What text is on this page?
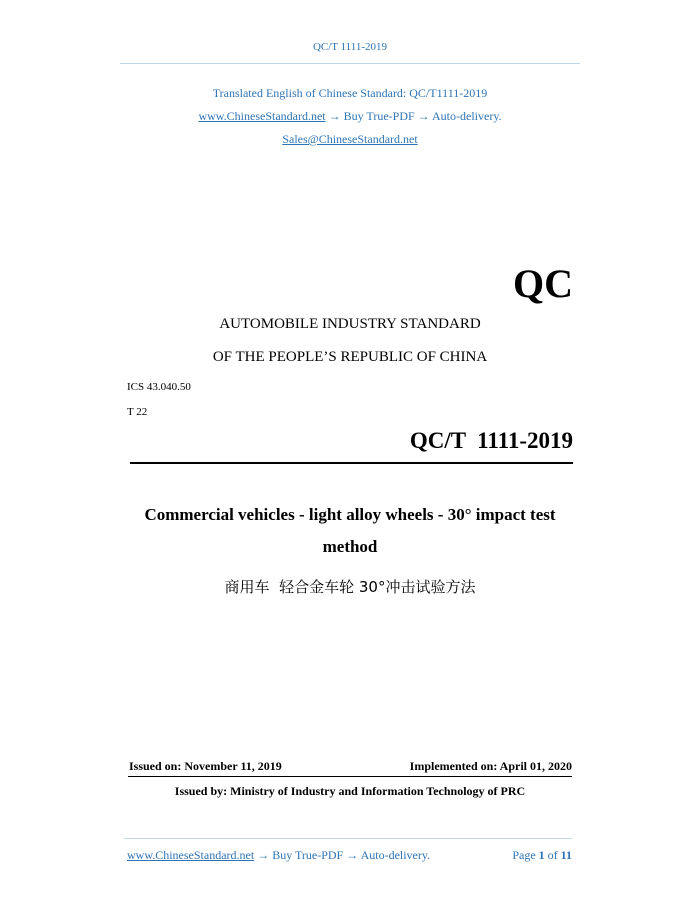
QC/T 1111-2019
Translated English of Chinese Standard: QC/T1111-2019
www.ChineseStandard.net → Buy True-PDF → Auto-delivery.
Sales@ChineseStandard.net
QC
AUTOMOBILE INDUSTRY STANDARD
OF THE PEOPLE’S REPUBLIC OF CHINA
ICS 43.040.50
T 22
QC/T  1111-2019
Commercial vehicles - light alloy wheels - 30° impact test
method
商用车  轻合金车轮 30°冲击试验方法
Issued on: November 11, 2019	Implemented on: April 01, 2020
Issued by: Ministry of Industry and Information Technology of PRC
www.ChineseStandard.net → Buy True-PDF → Auto-delivery.	Page 1 of 11
